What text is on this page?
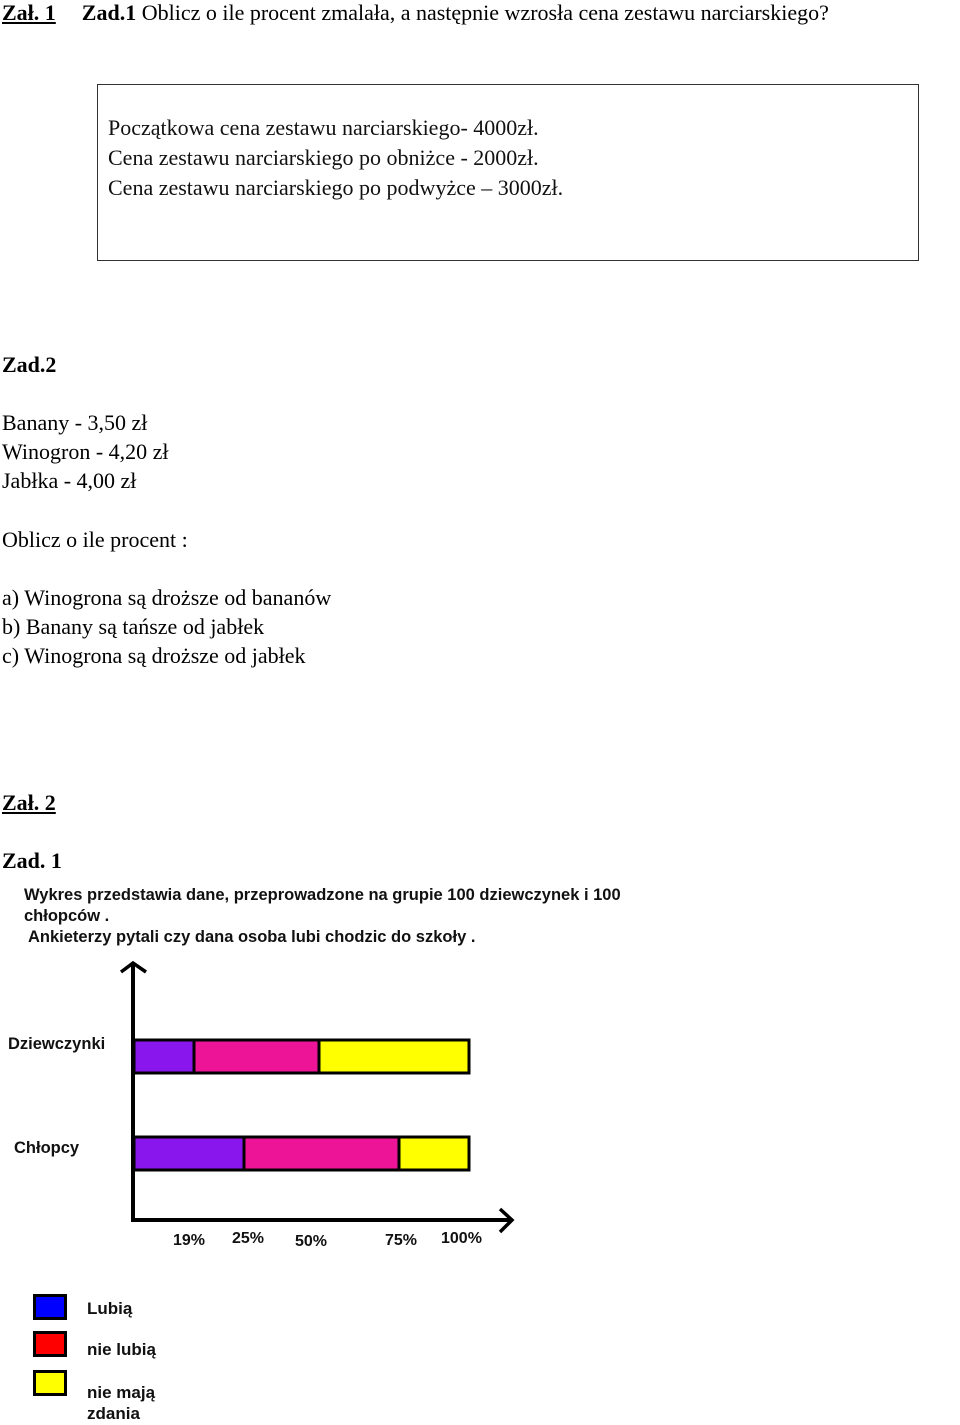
Zał. 1 Zad.1 Oblicz o ile procent zmalała, a następnie wzrosła cena zestawu narciarskiego?
Początkowa cena zestawu narciarskiego- 4000zł.
Cena zestawu narciarskiego po obniżce - 2000zł.
Cena zestawu narciarskiego po podwyżce – 3000zł.
Zad.2
Banany - 3,50 zł
Winogron - 4,20 zł
Jabłka - 4,00 zł
Oblicz o ile procent :
a) Winogrona są droższe od bananów
b) Banany są tańsze od jabłek
c) Winogrona są droższe od jabłek
Zał. 2
Zad. 1
Wykres przedstawia dane, przeprowadzone na grupie 100 dziewczynek i 100
chłopców .
Ankieterzy pytali czy dana osoba lubi chodzic do szkoły .
Dziewczynki
Chłopcy
19% 25% 50%	75% 100%
Lubią
nie lubią
nie mają zdania
